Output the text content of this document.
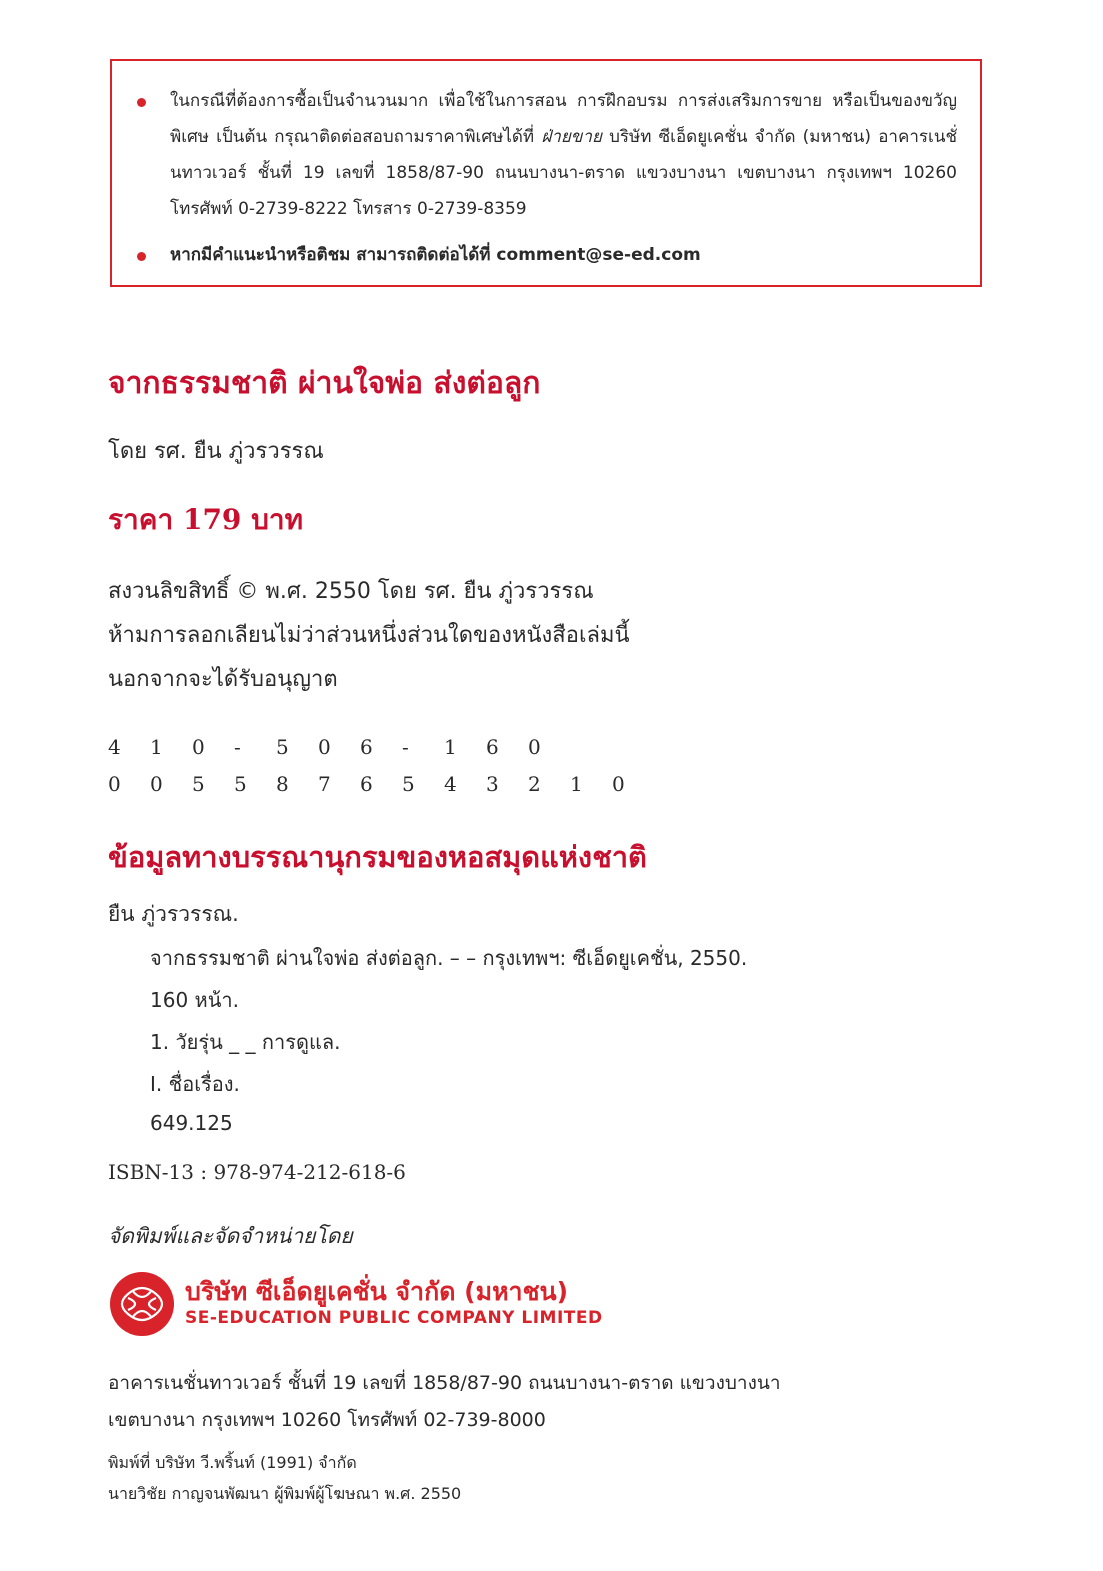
ในกรณีที่ต้องการซื้อเป็นจำนวนมาก เพื่อใช้ในการสอน การฝึกอบรม การส่งเสริมการขาย หรือเป็นของขวัญพิเศษ เป็นต้น กรุณาติดต่อสอบถามราคาพิเศษได้ที่ ฝ่ายขาย บริษัท ซีเอ็ดยูเคชั่น จำกัด (มหาชน) อาคารเนชั่นทาวเวอร์ ชั้นที่ 19 เลขที่ 1858/87-90 ถนนบางนา-ตราด แขวงบางนา เขตบางนา กรุงเทพฯ 10260 โทรศัพท์ 0-2739-8222 โทรสาร 0-2739-8359
หากมีคำแนะนำหรือติชม สามารถติดต่อได้ที่ comment@se-ed.com
จากธรรมชาติ ผ่านใจพ่อ ส่งต่อลูก
โดย รศ. ยืน ภู่วรวรรณ
ราคา 179 บาท
สงวนลิขสิทธิ์ © พ.ศ. 2550 โดย รศ. ยืน ภู่วรวรรณ
ห้ามการลอกเลียนไม่ว่าส่วนหนึ่งส่วนใดของหนังสือเล่มนี้
นอกจากจะได้รับอนุญาต
4	1	0	-	5	0	6	-	1	6	0
0	0	5	5	8	7	6	5	4	3	2	1	0
ข้อมูลทางบรรณานุกรมของหอสมุดแห่งชาติ
ยืน ภู่วรวรรณ.
จากธรรมชาติ ผ่านใจพ่อ ส่งต่อลูก. – – กรุงเทพฯ: ซีเอ็ดยูเคชั่น, 2550.
160 หน้า.
1. วัยรุ่น _ _ การดูแล.
I. ชื่อเรื่อง.
649.125
ISBN-13 : 978-974-212-618-6
จัดพิมพ์และจัดจำหน่ายโดย
บริษัท ซีเอ็ดยูเคชั่น จำกัด (มหาชน)
SE-EDUCATION PUBLIC COMPANY LIMITED
อาคารเนชั่นทาวเวอร์ ชั้นที่ 19 เลขที่ 1858/87-90 ถนนบางนา-ตราด แขวงบางนา
เขตบางนา กรุงเทพฯ 10260 โทรศัพท์ 02-739-8000
พิมพ์ที่ บริษัท วี.พริ้นท์ (1991) จำกัด
นายวิชัย กาญจนพัฒนา ผู้พิมพ์ผู้โฆษณา พ.ศ. 2550
